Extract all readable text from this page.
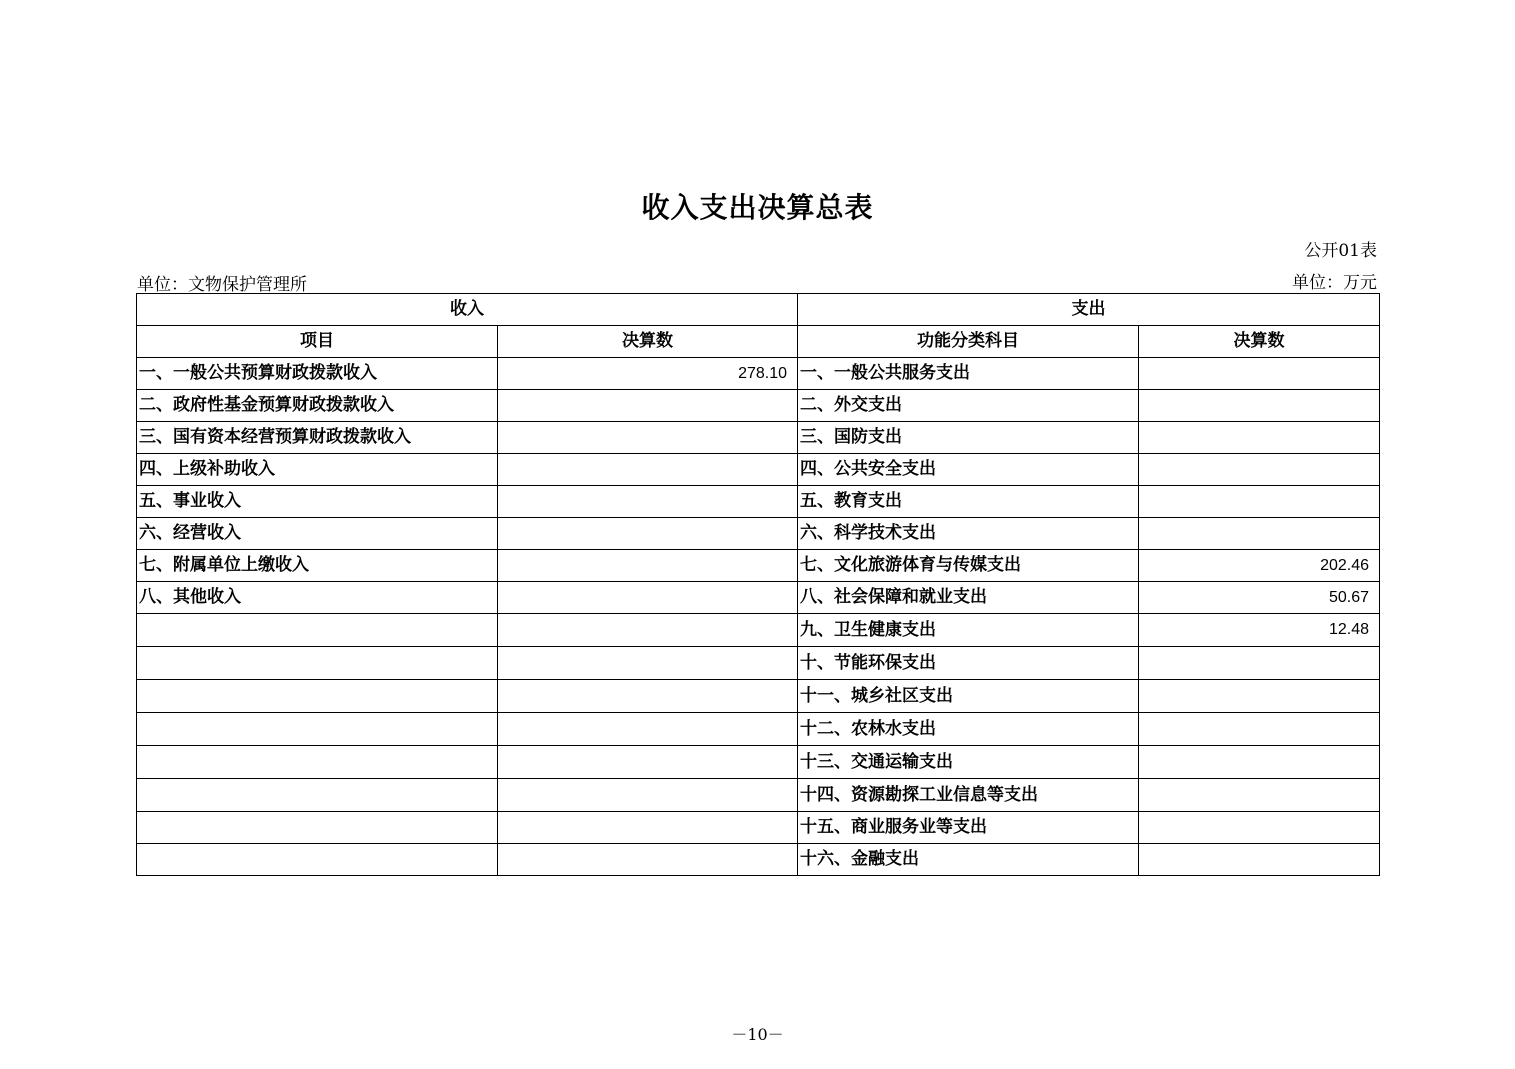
收入支出决算总表
公开01表
单位：文物保护管理所	单位：万元
收入		支出	
项目	决算数	功能分类科目	决算数
一、一般公共预算财政拨款收入	278.10	一、一般公共服务支出	
二、政府性基金预算财政拨款收入		二、外交支出	
三、国有资本经营预算财政拨款收入		三、国防支出	
四、上级补助收入		四、公共安全支出	
五、事业收入		五、教育支出	
六、经营收入		六、科学技术支出	
七、附属单位上缴收入		七、文化旅游体育与传媒支出	202.46
八、其他收入		八、社会保障和就业支出	50.67
		九、卫生健康支出	12.48
		十、节能环保支出	
		十一、城乡社区支出	
		十二、农林水支出	
		十三、交通运输支出	
		十四、资源勘探工业信息等支出	
		十五、商业服务业等支出	
		十六、金融支出	
－10－
